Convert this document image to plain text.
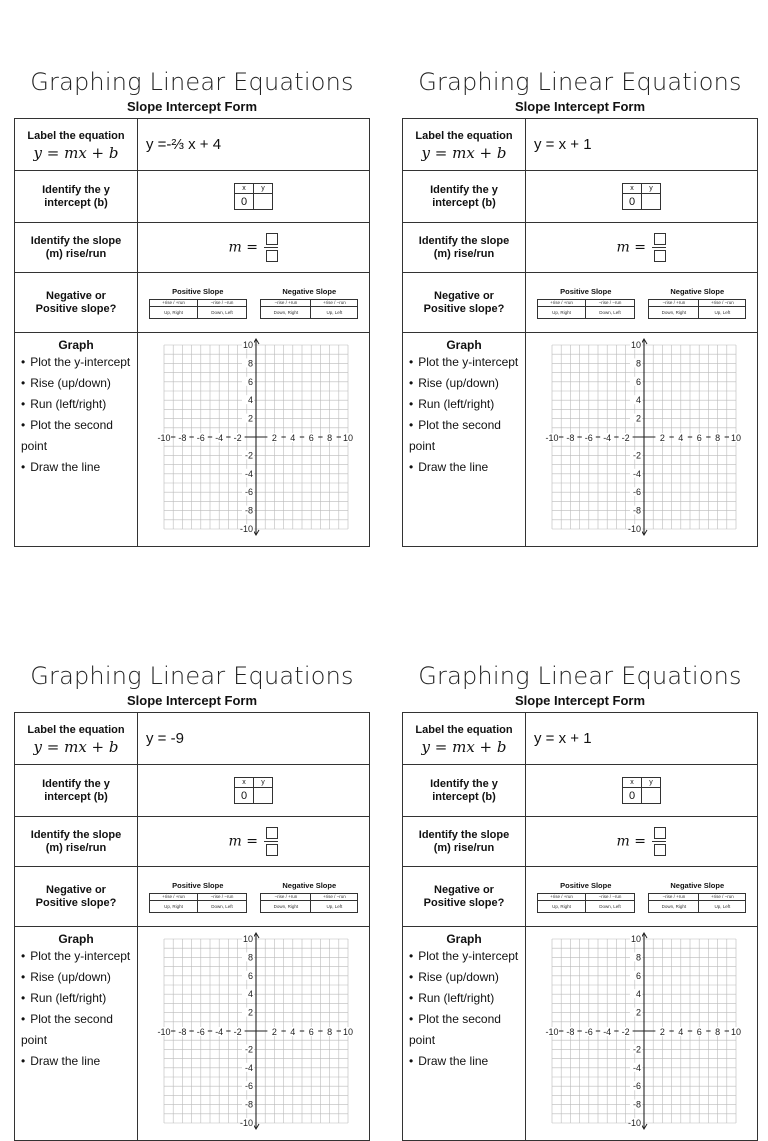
Graphing Linear Equations
Slope Intercept Form
Label the equation
y = mx + b	y =-⅔ x + 4
Identify the y intercept (b)	
x	y
0	

Identify the slope (m) rise/run	m =

Negative or Positive slope?	
Positive Slope
+rise / +run	−rise / −run
Up, Right	Down, Left
Negative Slope
−rise / +run	+rise / −run
Down, Right	Up, Left

Graph
• Plot the y-intercept
• Rise (up/down)
• Run (left/right)
• Plot the second point
• Draw the line

-10 -8 -6 -4 -2	2 4 6 8 10
10
8
6
4
2
-2
-4
-6
-8
-10
Graphing Linear Equations
Slope Intercept Form
Label the equation
y = mx + b	y = x + 1
Identify the y intercept (b)	
x	y
0	

Identify the slope (m) rise/run	m =

Negative or Positive slope?	
Positive Slope
+rise / +run	−rise / −run
Up, Right	Down, Left
Negative Slope
−rise / +run	+rise / −run
Down, Right	Up, Left

Graph
• Plot the y-intercept
• Rise (up/down)
• Run (left/right)
• Plot the second point
• Draw the line

-10 -8 -6 -4 -2	2 4 6 8 10
10
8
6
4
2
-2
-4
-6
-8
-10
Graphing Linear Equations
Slope Intercept Form
Label the equation
y = mx + b	y = -9
Identify the y intercept (b)	
x	y
0	

Identify the slope (m) rise/run	m =

Negative or Positive slope?	
Positive Slope
+rise / +run	−rise / −run
Up, Right	Down, Left
Negative Slope
−rise / +run	+rise / −run
Down, Right	Up, Left

Graph
• Plot the y-intercept
• Rise (up/down)
• Run (left/right)
• Plot the second point
• Draw the line

-10 -8 -6 -4 -2	2 4 6 8 10
10
8
6
4
2
-2
-4
-6
-8
-10
Graphing Linear Equations
Slope Intercept Form
Label the equation
y = mx + b	y = x + 1
Identify the y intercept (b)	
x	y
0	

Identify the slope (m) rise/run	m =

Negative or Positive slope?	
Positive Slope
+rise / +run	−rise / −run
Up, Right	Down, Left
Negative Slope
−rise / +run	+rise / −run
Down, Right	Up, Left

Graph
• Plot the y-intercept
• Rise (up/down)
• Run (left/right)
• Plot the second point
• Draw the line

-10 -8 -6 -4 -2	2 4 6 8 10
10
8
6
4
2
-2
-4
-6
-8
-10
